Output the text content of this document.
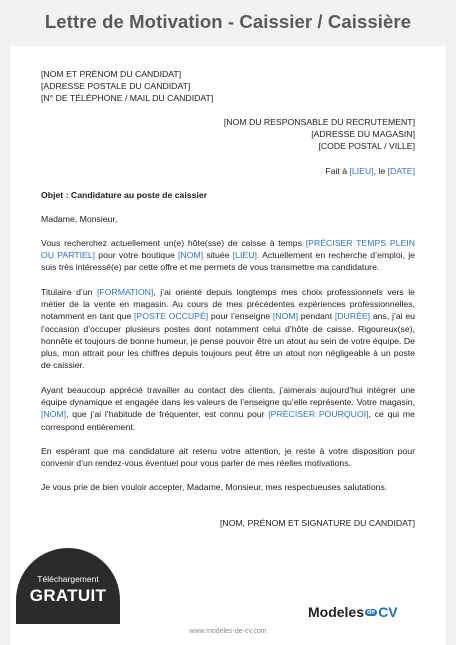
Lettre de Motivation - Caissier / Caissière
[NOM ET PRÉNOM DU CANDIDAT]
[ADRESSE POSTALE DU CANDIDAT]
[N° DE TÉLÉPHONE / MAIL DU CANDIDAT]
[NOM DU RESPONSABLE DU RECRUTEMENT]
[ADRESSE DU MAGASIN]
[CODE POSTAL / VILLE]
Fait à [LIEU], le [DATE]
Objet : Candidature au poste de caissier
Madame, Monsieur,
Vous recherchez actuellement un(e) hôte(sse) de caisse à temps [PRÉCISER TEMPS PLEIN OU PARTIEL] pour votre boutique [NOM] située [LIEU]. Actuellement en recherche d’emploi, je suis très intéressé(e) par cette offre et me permets de vous transmettre ma candidature.
Titulaire d’un [FORMATION], j’ai orienté depuis longtemps mes choix professionnels vers le métier de la vente en magasin. Au cours de mes précédentes expériences professionnelles, notamment en tant que [POSTE OCCUPÉ] pour l’enseigne [NOM] pendant [DURÉE] ans, j’ai eu l’occasion d’occuper plusieurs postes dont notamment celui d’hôte de caisse. Rigoureux(se), honnête et toujours de bonne humeur, je pense pouvoir être un atout au sein de votre équipe. De plus, mon attrait pour les chiffres depuis toujours peut être un atout non négligeable à un poste de caissier.
Ayant beaucoup apprécié travailler au contact des clients, j’aimerais aujourd’hui intégrer une équipe dynamique et engagée dans les valeurs de l’enseigne qu’elle représente. Votre magasin, [NOM], que j’ai l’habitude de fréquenter, est connu pour [PRÉCISER POURQUOI], ce qui me correspond entièrement.
En espérant que ma candidature ait retenu votre attention, je reste à votre disposition pour convenir d’un rendez-vous éventuel pour vous parler de mes réelles motivations.
Je vous prie de bien vouloir accepter, Madame, Monsieur, mes respectueuses salutations.
[NOM, PRÉNOM ET SIGNATURE DU CANDIDAT]
Téléchargement
GRATUIT
Modeles de CV
www.modeles-de-cv.com
